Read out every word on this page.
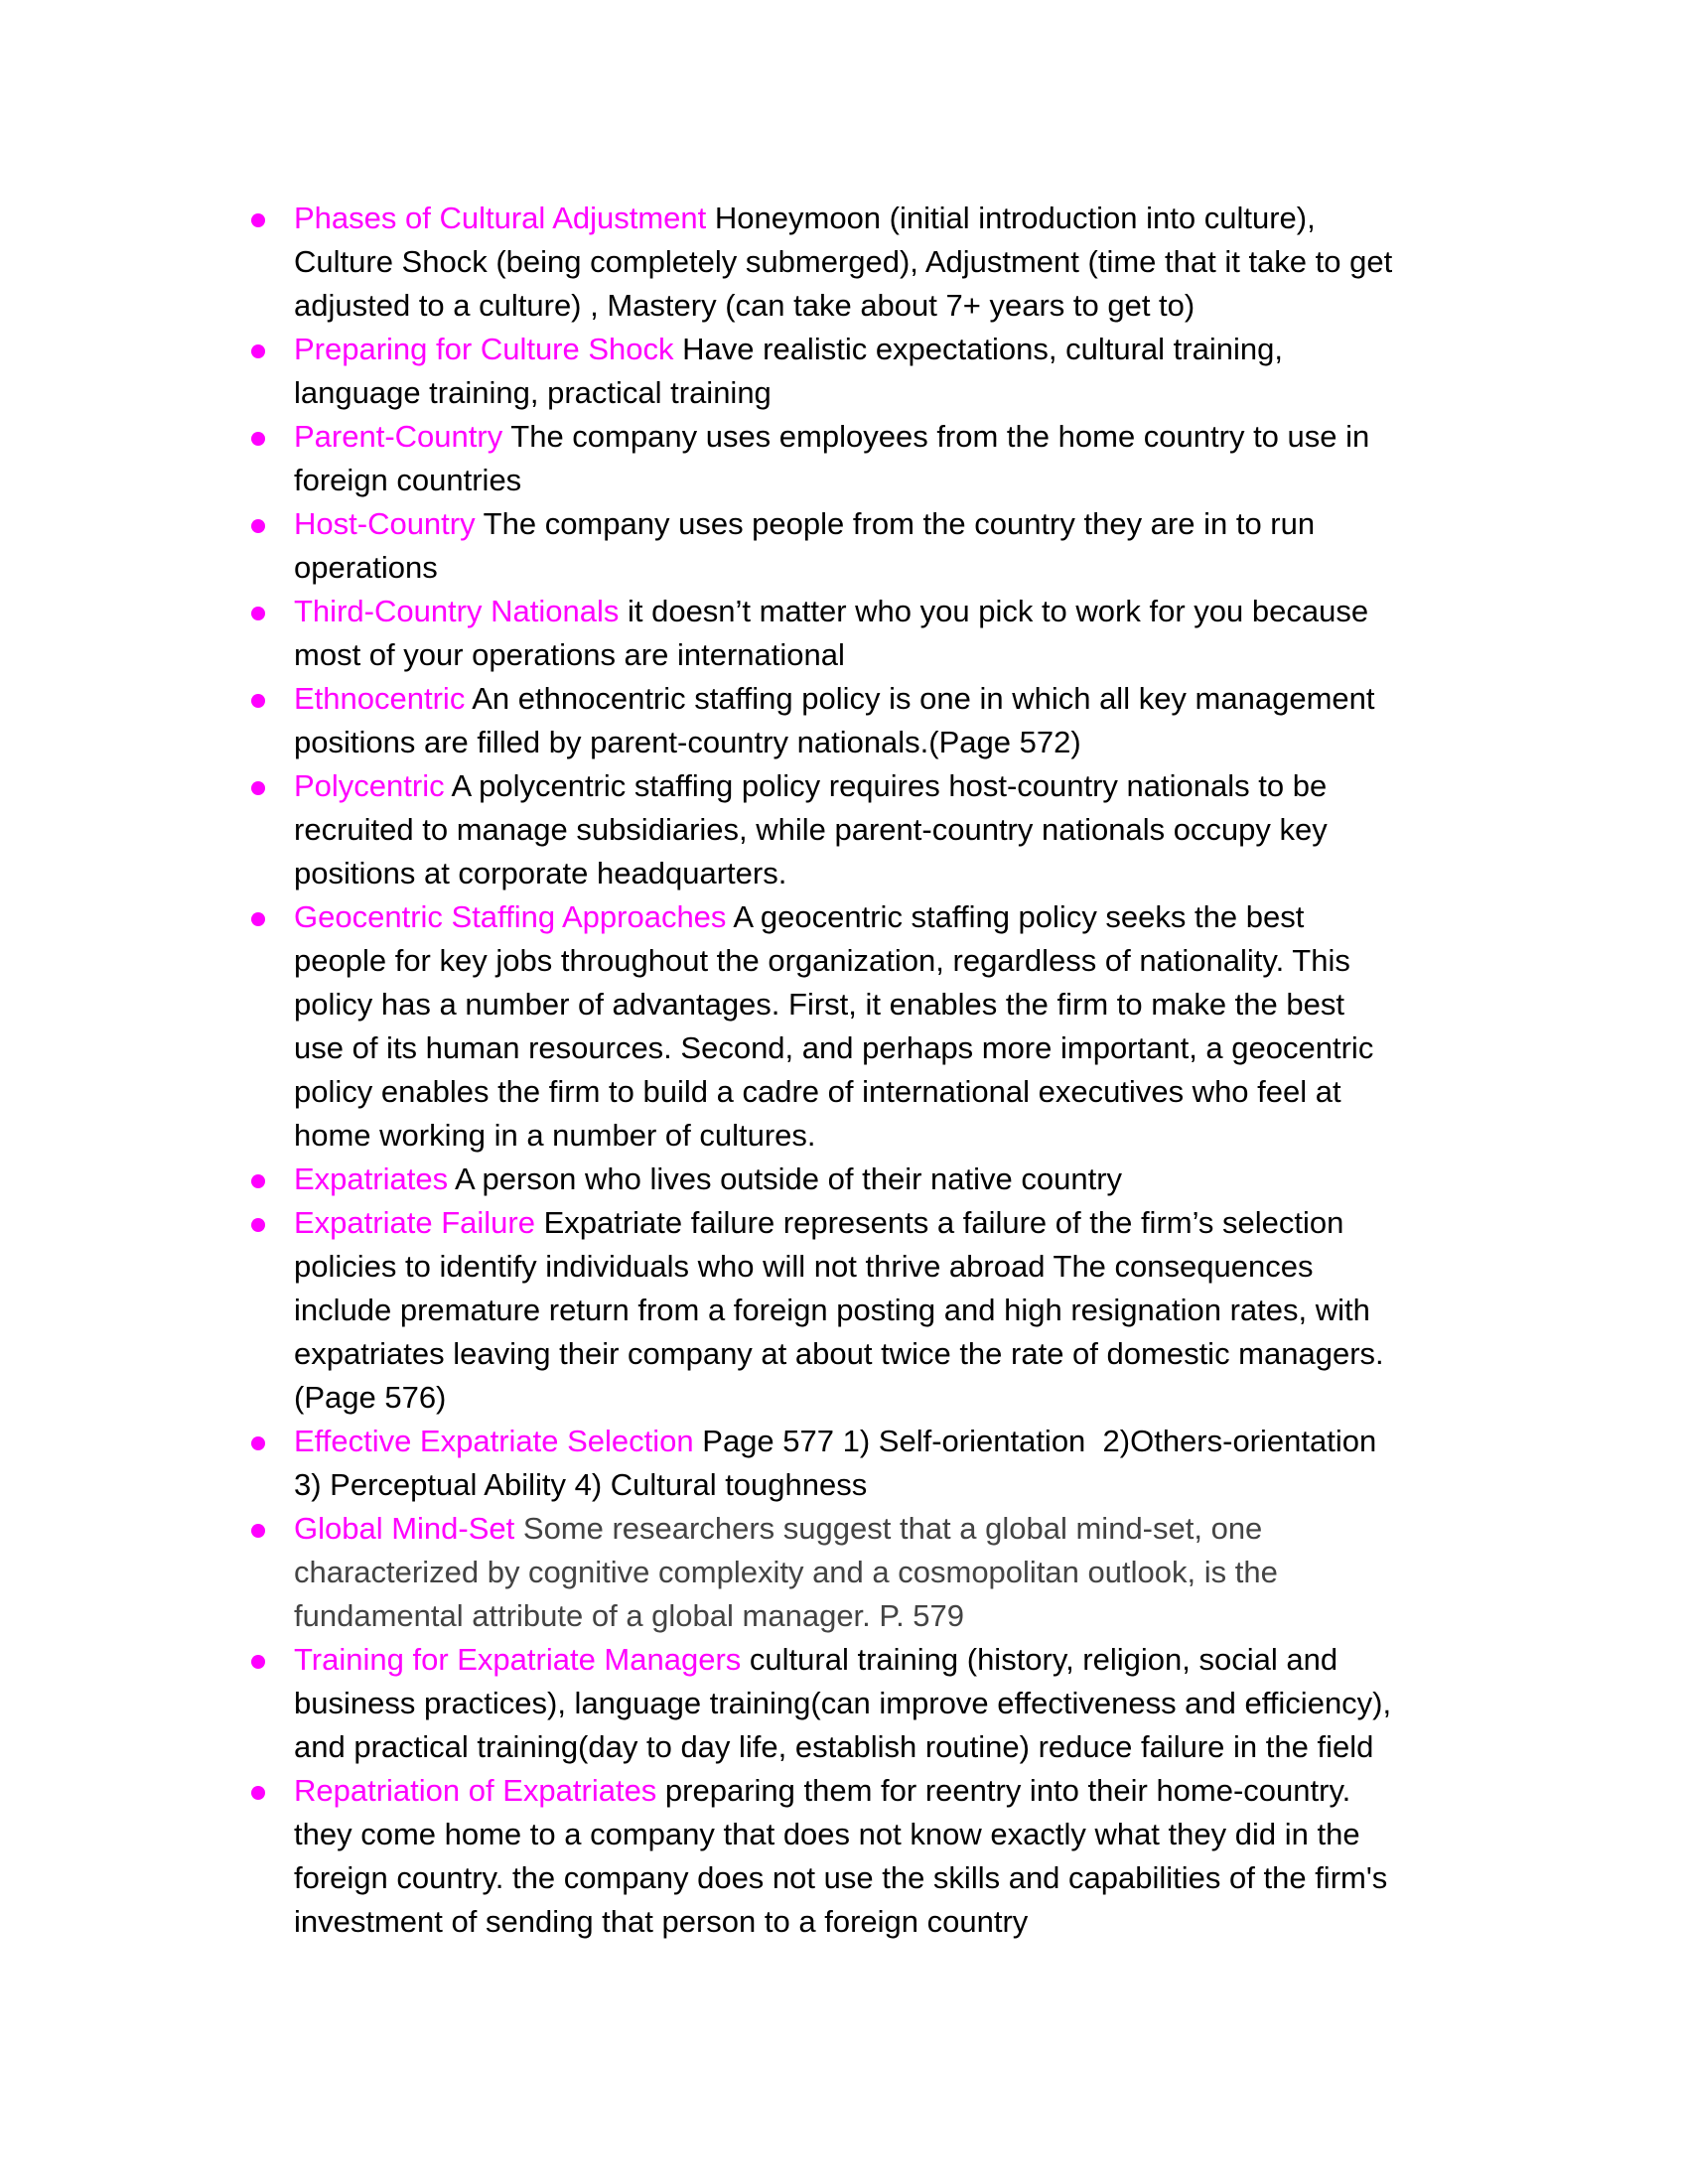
Phases of Cultural Adjustment Honeymoon (initial introduction into culture),
Culture Shock (being completely submerged), Adjustment (time that it take to get
adjusted to a culture) , Mastery (can take about 7+ years to get to)
Preparing for Culture Shock Have realistic expectations, cultural training,
language training, practical training
Parent-Country The company uses employees from the home country to use in
foreign countries
Host-Country The company uses people from the country they are in to run
operations
Third-Country Nationals it doesn’t matter who you pick to work for you because
most of your operations are international
Ethnocentric An ethnocentric staffing policy is one in which all key management
positions are filled by parent-country nationals.(Page 572)
Polycentric A polycentric staffing policy requires host-country nationals to be
recruited to manage subsidiaries, while parent-country nationals occupy key
positions at corporate headquarters.
Geocentric Staffing Approaches A geocentric staffing policy seeks the best
people for key jobs throughout the organization, regardless of nationality. This
policy has a number of advantages. First, it enables the firm to make the best
use of its human resources. Second, and perhaps more important, a geocentric
policy enables the firm to build a cadre of international executives who feel at
home working in a number of cultures.
Expatriates A person who lives outside of their native country
Expatriate Failure Expatriate failure represents a failure of the firm’s selection
policies to identify individuals who will not thrive abroad The consequences
include premature return from a foreign posting and high resignation rates, with
expatriates leaving their company at about twice the rate of domestic managers.
(Page 576)
Effective Expatriate Selection Page 577 1) Self-orientation  2)Others-orientation
3) Perceptual Ability 4) Cultural toughness
Global Mind-Set Some researchers suggest that a global mind-set, one
characterized by cognitive complexity and a cosmopolitan outlook, is the
fundamental attribute of a global manager. P. 579
Training for Expatriate Managers cultural training (history, religion, social and
business practices), language training(can improve effectiveness and efficiency),
and practical training(day to day life, establish routine) reduce failure in the field
Repatriation of Expatriates preparing them for reentry into their home-country.
they come home to a company that does not know exactly what they did in the
foreign country. the company does not use the skills and capabilities of the firm's
investment of sending that person to a foreign country
